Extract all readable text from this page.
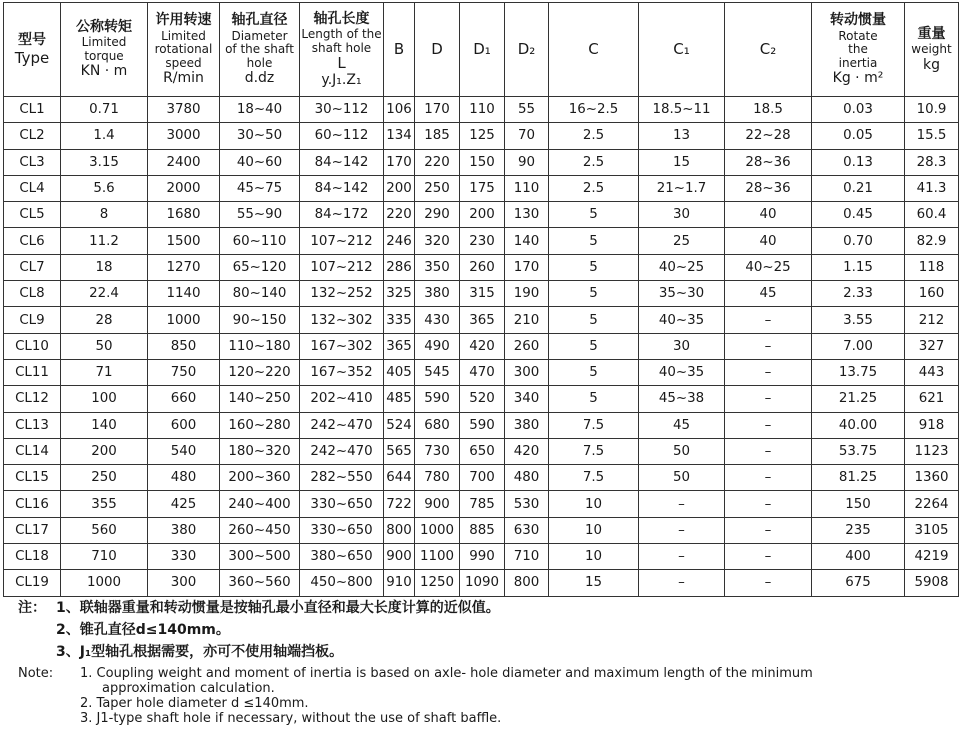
型号
Type	公称转矩
Limited
torque
KN · m	许用转速
Limited
rotational
speed
R/min	轴孔直径
Diameter
of the shaft
hole
d.dz	轴孔长度
Length of the
shaft hole
L
y.J₁.Z₁	B	D	D₁	D₂	C	C₁	C₂	转动惯量
Rotate
the
inertia
Kg · m²	重量
weight
kg

CL1	0.71	3780	18~40	30~112	106	170	110	55	16~2.5	18.5~11	18.5	0.03	10.9
CL2	1.4	3000	30~50	60~112	134	185	125	70	2.5	13	22~28	0.05	15.5
CL3	3.15	2400	40~60	84~142	170	220	150	90	2.5	15	28~36	0.13	28.3
CL4	5.6	2000	45~75	84~142	200	250	175	110	2.5	21~1.7	28~36	0.21	41.3
CL5	8	1680	55~90	84~172	220	290	200	130	5	30	40	0.45	60.4
CL6	11.2	1500	60~110	107~212	246	320	230	140	5	25	40	0.70	82.9
CL7	18	1270	65~120	107~212	286	350	260	170	5	40~25	40~25	1.15	118
CL8	22.4	1140	80~140	132~252	325	380	315	190	5	35~30	45	2.33	160
CL9	28	1000	90~150	132~302	335	430	365	210	5	40~35	–	3.55	212
CL10	50	850	110~180	167~302	365	490	420	260	5	30	–	7.00	327
CL11	71	750	120~220	167~352	405	545	470	300	5	40~35	–	13.75	443
CL12	100	660	140~250	202~410	485	590	520	340	5	45~38	–	21.25	621
CL13	140	600	160~280	242~470	524	680	590	380	7.5	45	–	40.00	918
CL14	200	540	180~320	242~470	565	730	650	420	7.5	50	–	53.75	1123
CL15	250	480	200~360	282~550	644	780	700	480	7.5	50	–	81.25	1360
CL16	355	425	240~400	330~650	722	900	785	530	10	–	–	150	2264
CL17	560	380	260~450	330~650	800	1000	885	630	10	–	–	235	3105
CL18	710	330	300~500	380~650	900	1100	990	710	10	–	–	400	4219
CL19	1000	300	360~560	450~800	910	1250	1090	800	15	–	–	675	5908
注： 1、联轴器重量和转动惯量是按轴孔最小直径和最大长度计算的近似值。
2、锥孔直径d≤140mm。
3、J₁型轴孔根据需要，亦可不使用轴端挡板。
Note: 1. Coupling weight and moment of inertia is based on axle- hole diameter and maximum length of the minimum
approximation calculation.
2. Taper hole diameter d ≤140mm.
3. J1-type shaft hole if necessary, without the use of shaft baffle.
